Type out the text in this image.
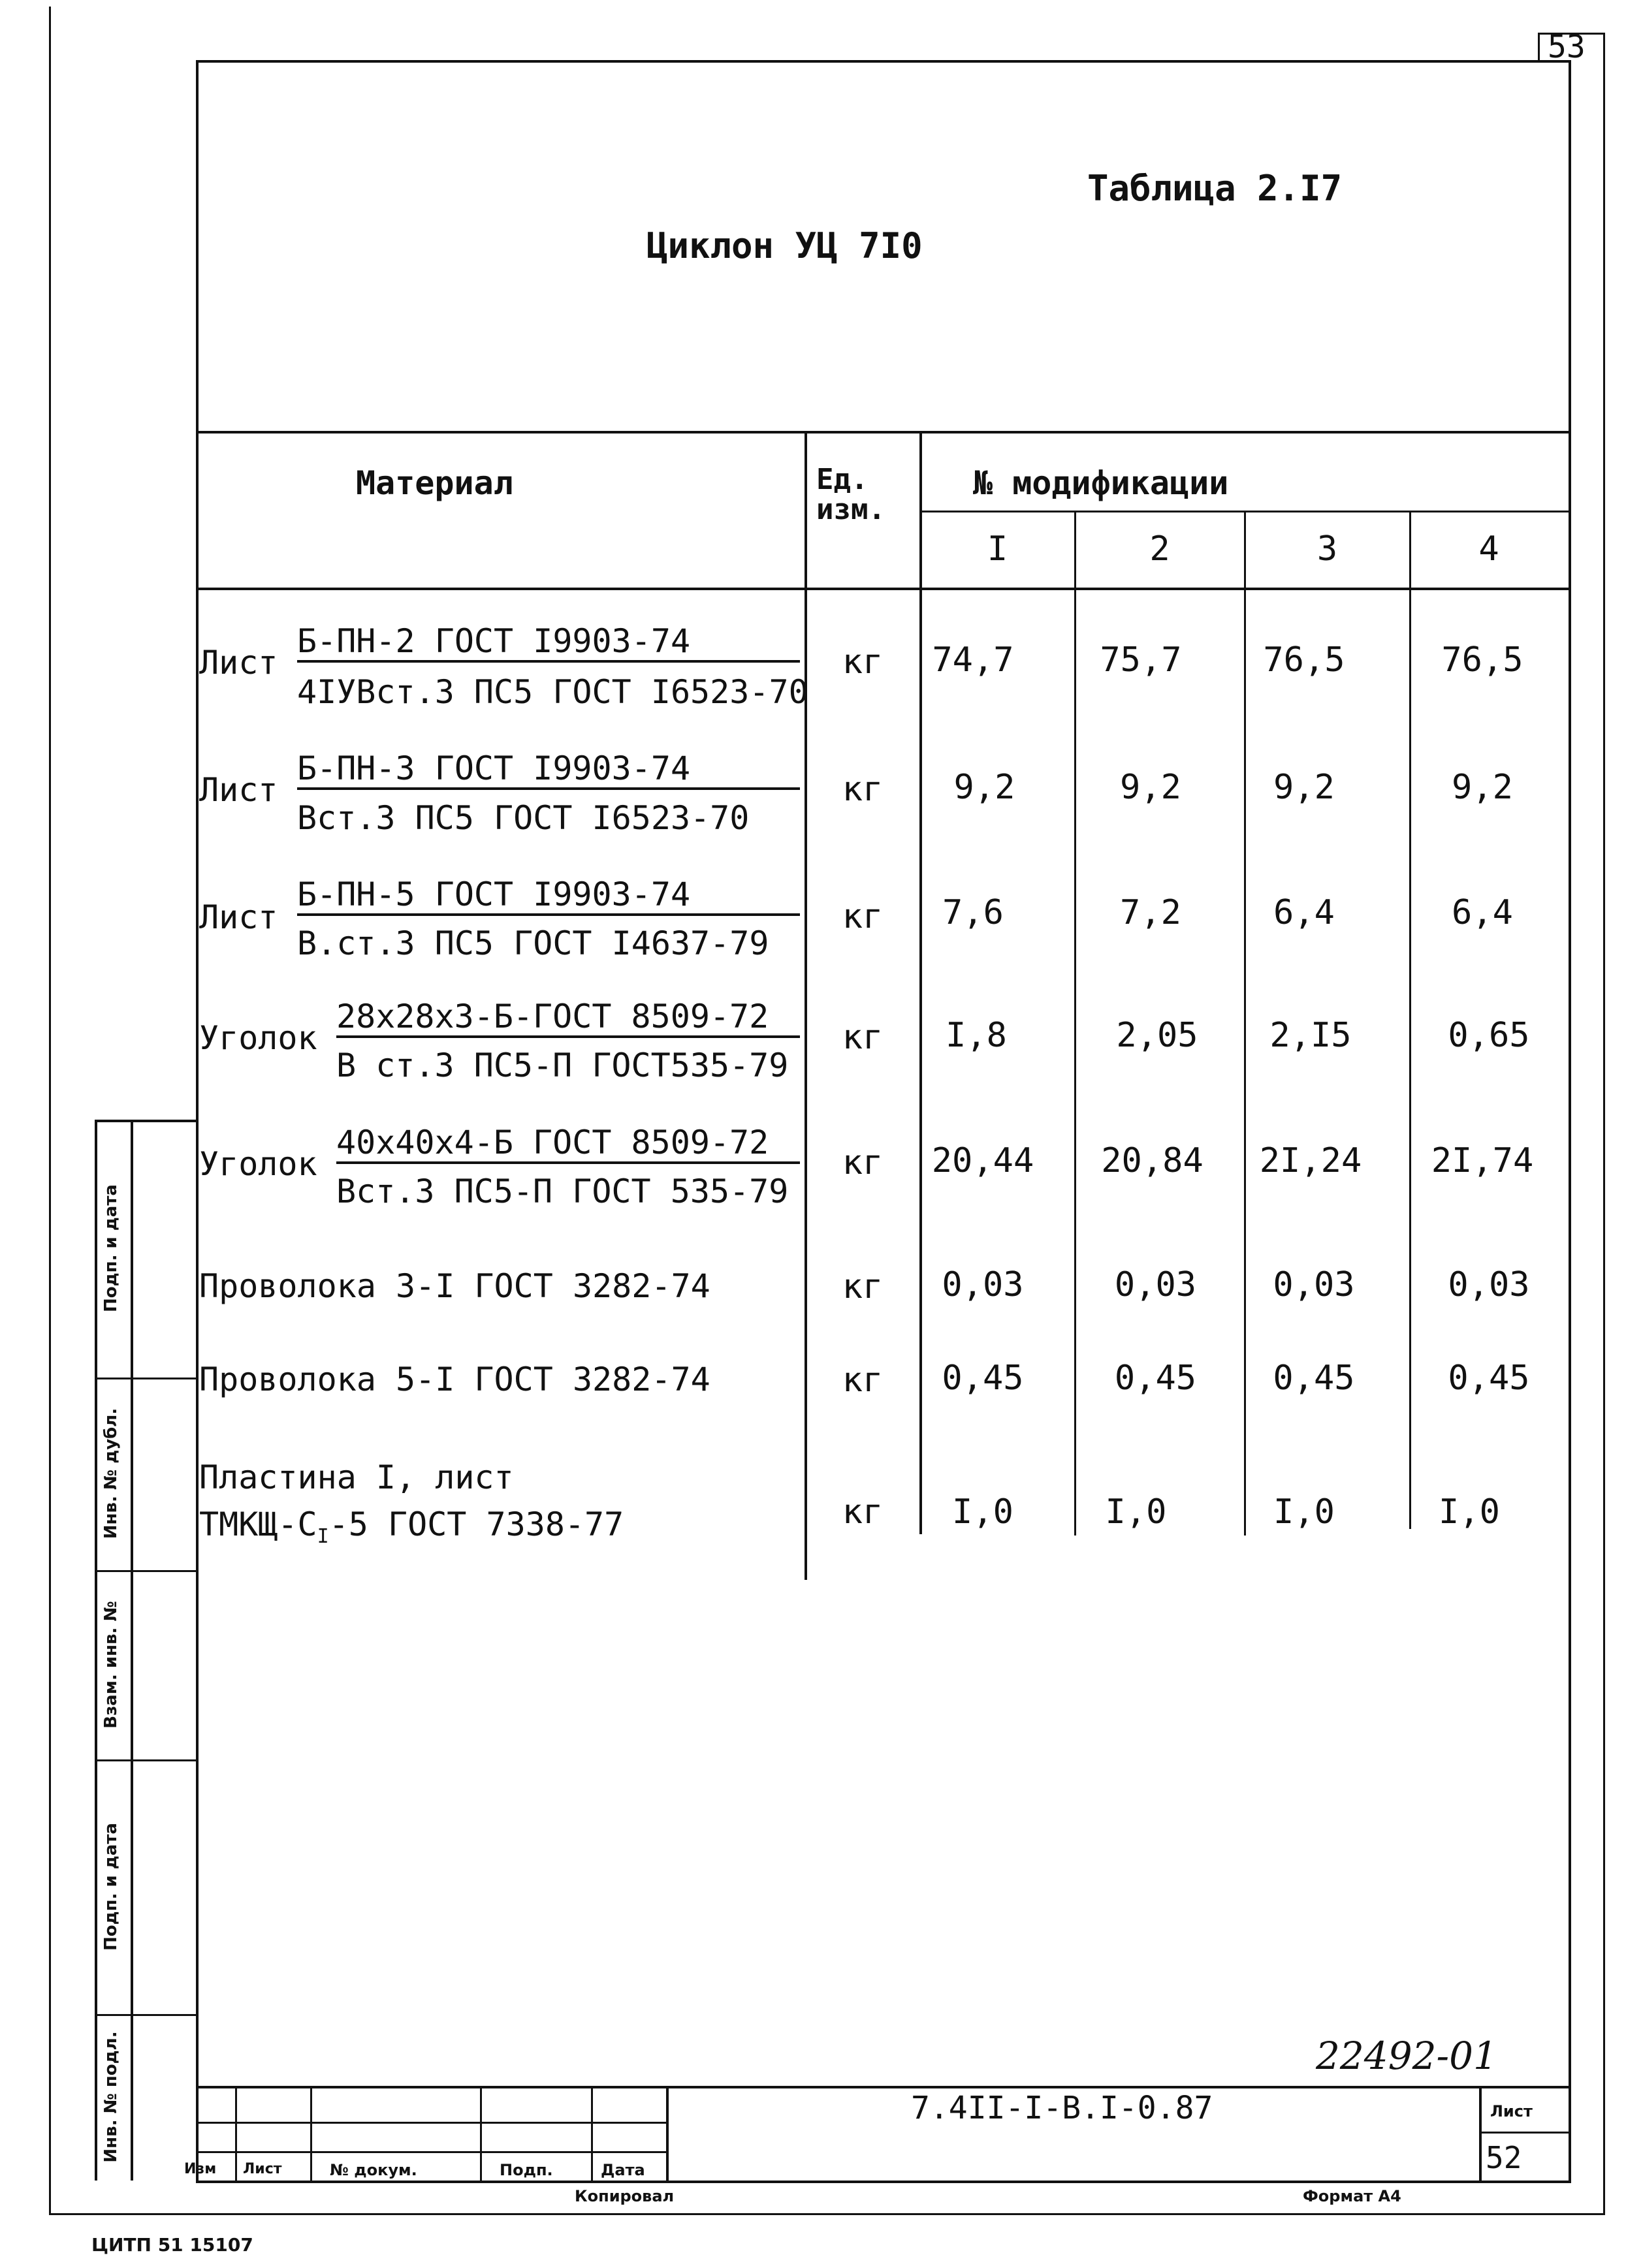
53
Таблица 2.I7
Циклон УЦ 7I0
Материал	Ед. изм.
№ модификации
I	2	3	4
Лист
Б-ПН-2 ГОСТ I9903-74
4IУВст.3 ПС5 ГОСТ I6523-70
кг	74,7	75,7	76,5	76,5
Лист
Б-ПН-3 ГОСТ I9903-74
Вст.3 ПС5 ГОСТ I6523-70
кг	9,2	9,2	9,2	9,2
Лист
Б-ПН-5 ГОСТ I9903-74
В.ст.3 ПС5 ГОСТ I4637-79
кг	7,6	7,2	6,4	6,4
Уголок
28х28х3-Б-ГОСТ 8509-72
В ст.3 ПС5-П ГОСТ535-79
кг	I,8	2,05	2,I5	0,65
Уголок
40х40х4-Б ГОСТ 8509-72
Вст.3 ПС5-П ГОСТ 535-79
кг	20,44	20,84	2I,24	2I,74
Проволока 3-I ГОСТ 3282-74	кг	0,03	0,03	0,03	0,03
Проволока 5-I ГОСТ 3282-74	кг	0,45	0,45	0,45	0,45
Пластина I, лист
ТМКЩ-$С_I-5$ ГОСТ 7338-77	кг	I,0	I,0	I,0	I,0
Подп. и дата
Инв. № дубл.
Взам. инв. №
Подп. и дата
Инв. № подл.	22492-01
Изм Лист	№ докум.	Подп.	Дата
7.4II-I-В.I-0.87	Лист
52
Копировал	Формат А4
ЦИТП 51 15107
